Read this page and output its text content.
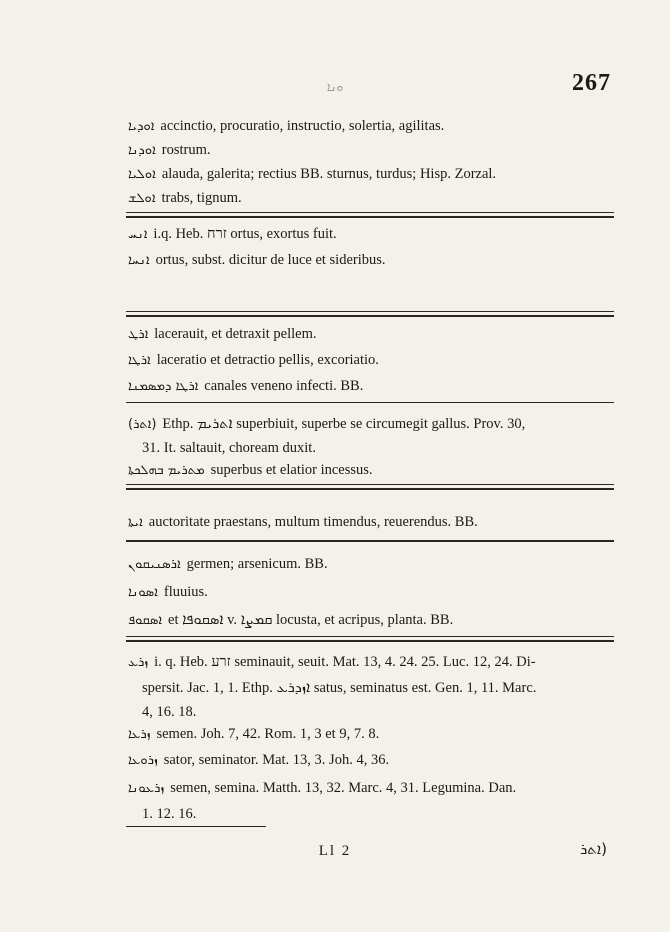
ܘܢܐ	267
ܐܘܕܝܐ accinctio, procuratio, instructio, solertia, agilitas.
ܐܘܕܢܐ rostrum.
ܐܘܠܝܐ alauda, galerita; rectius BB. sturnus, turdus; Hisp. Zorzal.
ܐܘܠܫ trabs, tignum.
ܐܢܚ i.q. Heb. זרח ortus, exortus fuit.
ܐܢܚܐ ortus, subst. dicitur de luce et sideribus.
ܐܪܛ lacerauit, et detraxit pellem.
ܐܪܛܐ laceratio et detractio pellis, excoriatio.
ܐܪܛܐ ܕܡܣܡܢܐ canales veneno infecti. BB.
(ܐܬܪ) Ethp. ܐܬܪܝܡ superbiuit, superbe se circumegit gallus. Prov. 30,
31. It. saltauit, choream duxit.
ܡܬܪܝܡ ܒܗܠܟܬܐ superbus et elatior incessus.
ܐܝܬܐ auctoritate praestans, multum timendus, reuerendus. BB.
ܐܪܣܢܝܩܘܢ germen; arsenicum. BB.
ܐܣܘܢܐ fluuius.
ܐܣܩܘܦ et ܐܣܩܘܦܐ v. ܩܡܨܐ locusta, et acripus, planta. BB.
ܙܪܥ i. q. Heb. זרע seminauit, seuit. Mat. 13, 4. 24. 25. Luc. 12, 24. Di-
spersit. Jac. 1, 1. Ethp. ܐܙܕܪܥ satus, seminatus est. Gen. 1, 11. Marc.
4, 16. 18.
ܙܪܥܐ semen. Joh. 7, 42. Rom. 1, 3 et 9, 7. 8.
ܙܪܘܥܐ sator, seminator. Mat. 13, 3. Joh. 4, 36.
ܙܪܥܘܢܐ semen, semina. Matth. 13, 32. Marc. 4, 31. Legumina. Dan.
1. 12. 16.
Ll 2	(ܐܬܪ
